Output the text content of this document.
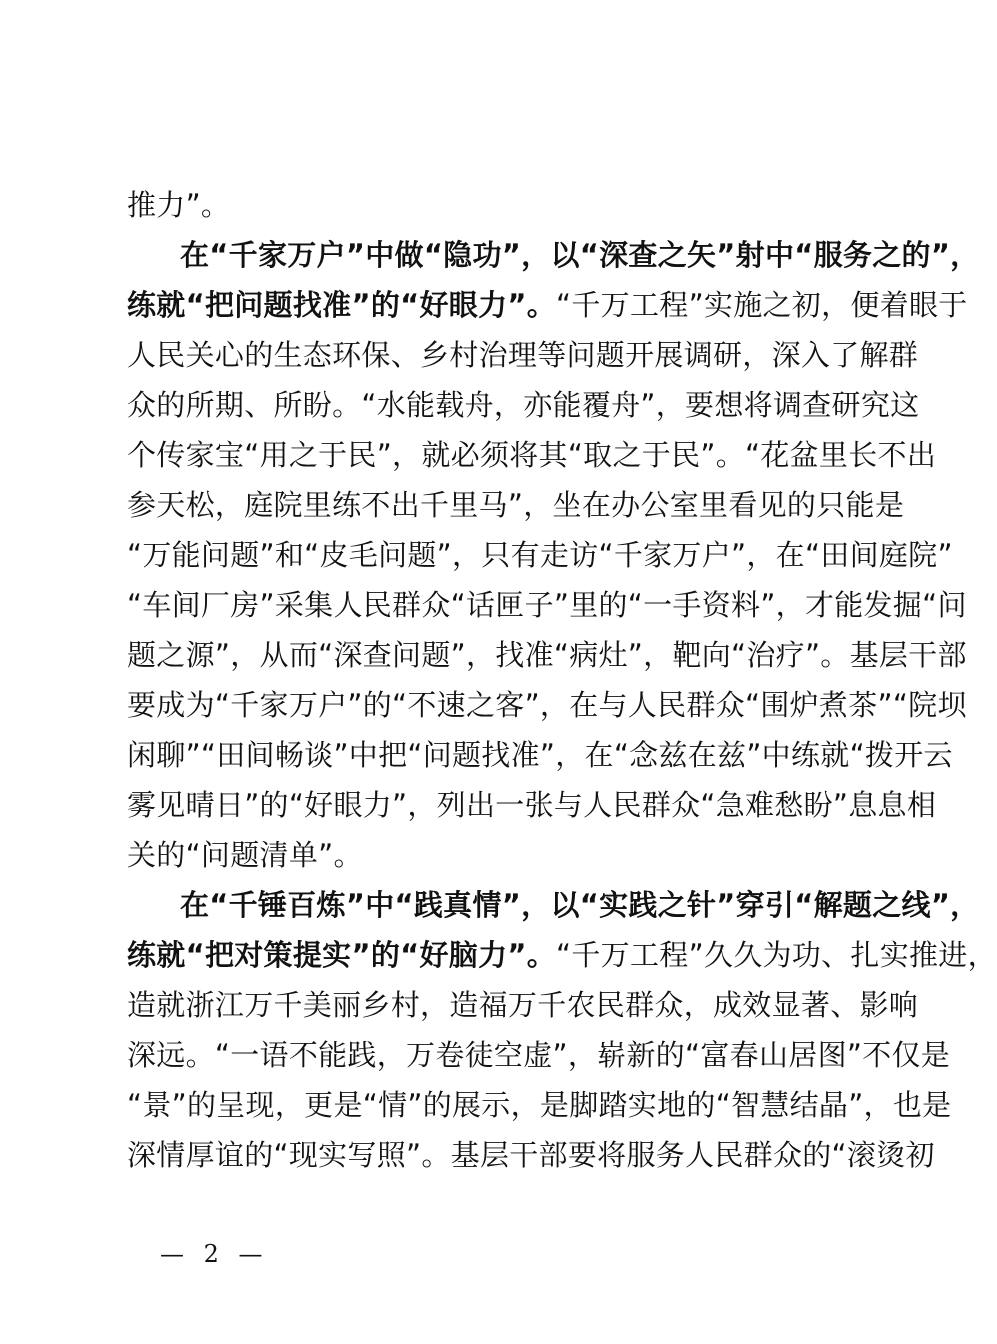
推力”。
在“千家万户”中做“隐功”，以“深查之矢”射中“服务之的”，
练就“把问题找准”的“好眼力”。“千万工程”实施之初，便着眼于
人民关心的生态环保、乡村治理等问题开展调研，深入了解群
众的所期、所盼。“水能载舟，亦能覆舟”，要想将调查研究这
个传家宝“用之于民”，就必须将其“取之于民”。“花盆里长不出
参天松，庭院里练不出千里马”，坐在办公室里看见的只能是
“万能问题”和“皮毛问题”，只有走访“千家万户”，在“田间庭院”
“车间厂房”采集人民群众“话匣子”里的“一手资料”，才能发掘“问
题之源”，从而“深查问题”，找准“病灶”，靶向“治疗”。基层干部
要成为“千家万户”的“不速之客”，在与人民群众“围炉煮茶”“院坝
闲聊”“田间畅谈”中把“问题找准”，在“念兹在兹”中练就“拨开云
雾见晴日”的“好眼力”，列出一张与人民群众“急难愁盼”息息相
关的“问题清单”。
在“千锤百炼”中“践真情”，以“实践之针”穿引“解题之线”，
练就“把对策提实”的“好脑力”。“千万工程”久久为功、扎实推进，
造就浙江万千美丽乡村，造福万千农民群众，成效显著、影响
深远。“一语不能践，万卷徒空虚”，崭新的“富春山居图”不仅是
“景”的呈现，更是“情”的展示，是脚踏实地的“智慧结晶”，也是
深情厚谊的“现实写照”。基层干部要将服务人民群众的“滚烫初
— 2 —
